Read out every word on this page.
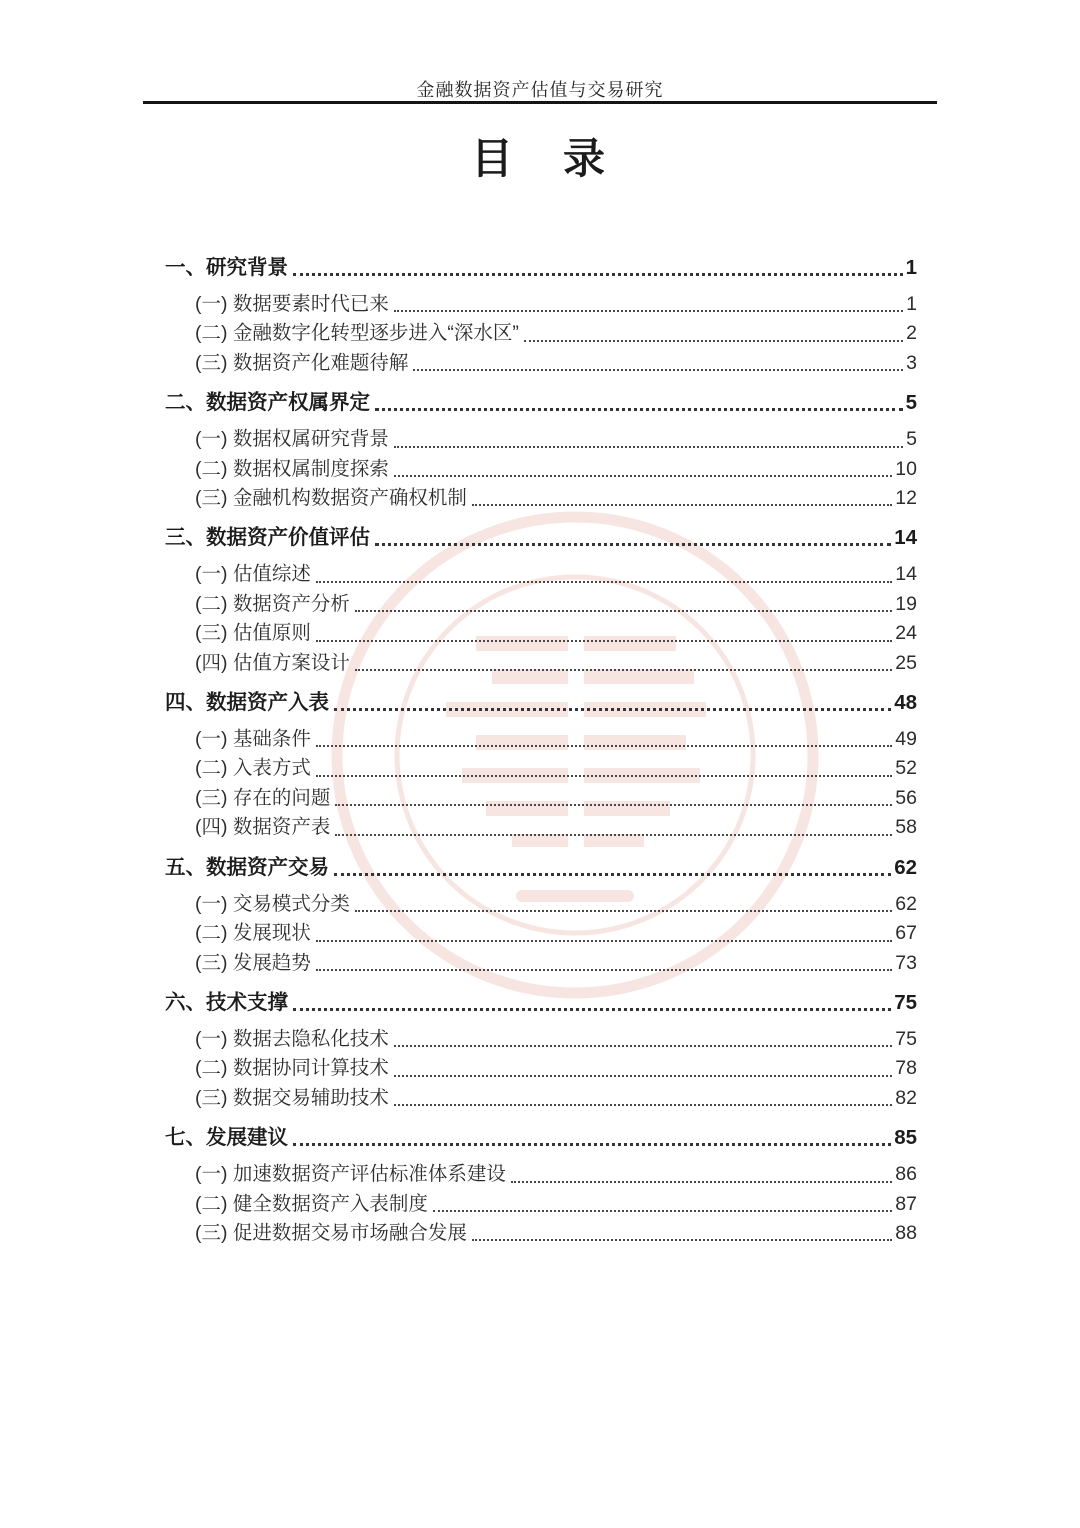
金融数据资产估值与交易研究
目　录
一、研究背景	1
(一) 数据要素时代已来	1
(二) 金融数字化转型逐步进入“深水区”	2
(三) 数据资产化难题待解	3
二、数据资产权属界定	5
(一) 数据权属研究背景	5
(二) 数据权属制度探索	10
(三) 金融机构数据资产确权机制	12
三、数据资产价值评估	14
(一) 估值综述	14
(二) 数据资产分析	19
(三) 估值原则	24
(四) 估值方案设计	25
四、数据资产入表	48
(一) 基础条件	49
(二) 入表方式	52
(三) 存在的问题	56
(四) 数据资产表	58
五、数据资产交易	62
(一) 交易模式分类	62
(二) 发展现状	67
(三) 发展趋势	73
六、技术支撑	75
(一) 数据去隐私化技术	75
(二) 数据协同计算技术	78
(三) 数据交易辅助技术	82
七、发展建议	85
(一) 加速数据资产评估标准体系建设	86
(二) 健全数据资产入表制度	87
(三) 促进数据交易市场融合发展	88
